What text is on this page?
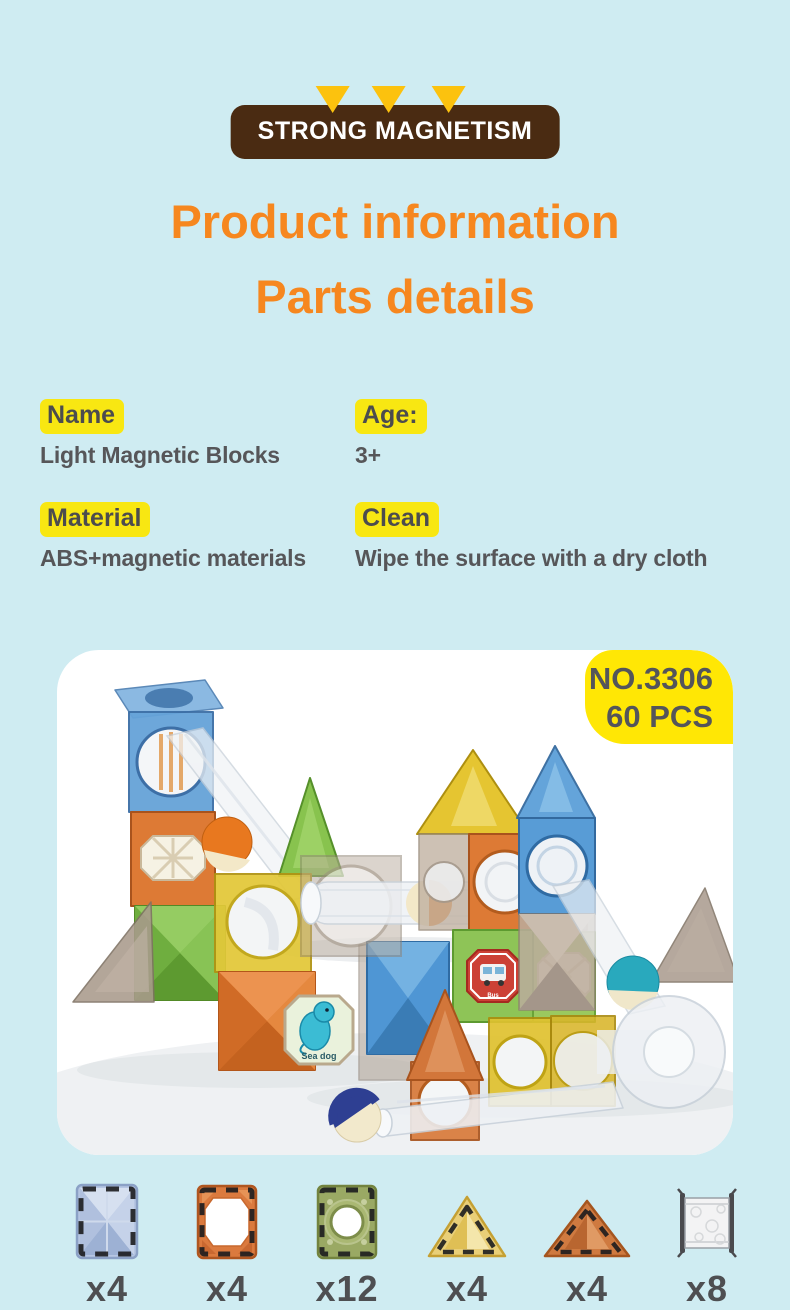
STRONG MAGNETISM
Product information
Parts details
Name
Light Magnetic Blocks
Age:
3+
Material
ABS+magnetic materials
Clean
Wipe the surface with a dry cloth
Sea dog
Bus
NO.3306
60 PCS
x4 x4 x12 x4 x4 x8
